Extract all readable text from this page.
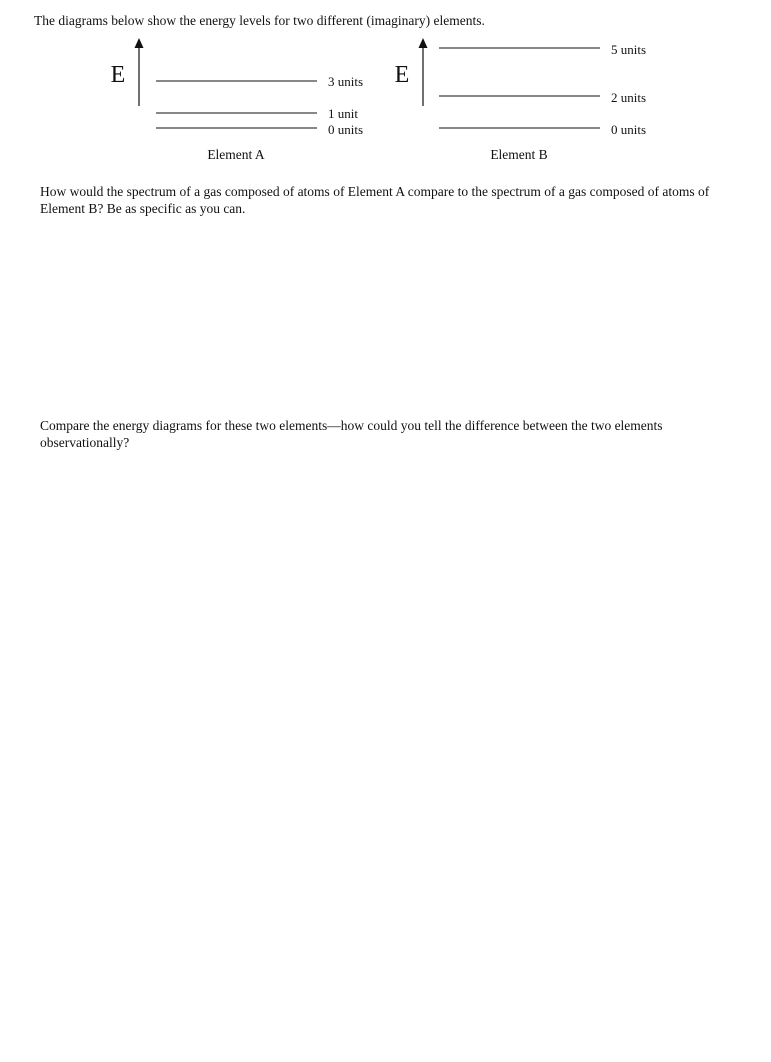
The diagrams below show the energy levels for two different (imaginary) elements.

E	3 units
1 unit
0 units
Element A
E
5 units
2 units
0 units
Element B

How would the spectrum of a gas composed of atoms of Element A compare to the spectrum of a gas composed of atoms of Element B? Be as specific as you can.

Compare the energy diagrams for these two elements—how could you tell the difference between the two elements observationally?
